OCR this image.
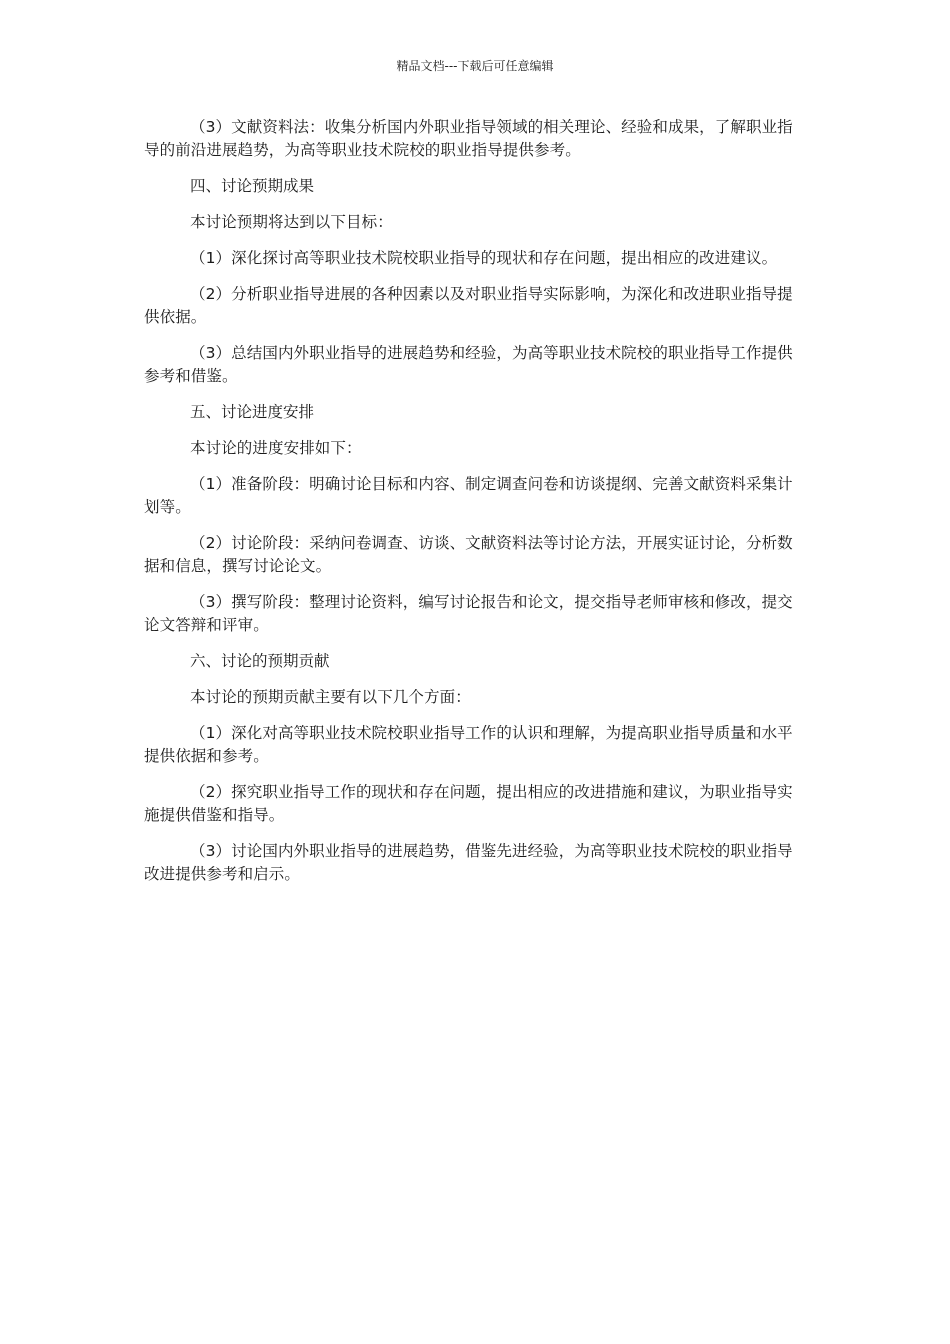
精品文档---下载后可任意编辑

（3）文献资料法：收集分析国内外职业指导领域的相关理论、经验和成果，了解职业指导的前沿进展趋势，为高等职业技术院校的职业指导提供参考。

四、讨论预期成果

本讨论预期将达到以下目标：

（1）深化探讨高等职业技术院校职业指导的现状和存在问题，提出相应的改进建议。

（2）分析职业指导进展的各种因素以及对职业指导实际影响，为深化和改进职业指导提供依据。

（3）总结国内外职业指导的进展趋势和经验，为高等职业技术院校的职业指导工作提供参考和借鉴。

五、讨论进度安排

本讨论的进度安排如下：

（1）准备阶段：明确讨论目标和内容、制定调查问卷和访谈提纲、完善文献资料采集计划等。

（2）讨论阶段：采纳问卷调查、访谈、文献资料法等讨论方法，开展实证讨论，分析数据和信息，撰写讨论论文。

（3）撰写阶段：整理讨论资料，编写讨论报告和论文，提交指导老师审核和修改，提交论文答辩和评审。

六、讨论的预期贡献

本讨论的预期贡献主要有以下几个方面：

（1）深化对高等职业技术院校职业指导工作的认识和理解，为提高职业指导质量和水平提供依据和参考。

（2）探究职业指导工作的现状和存在问题，提出相应的改进措施和建议，为职业指导实施提供借鉴和指导。

（3）讨论国内外职业指导的进展趋势，借鉴先进经验，为高等职业技术院校的职业指导改进提供参考和启示。
